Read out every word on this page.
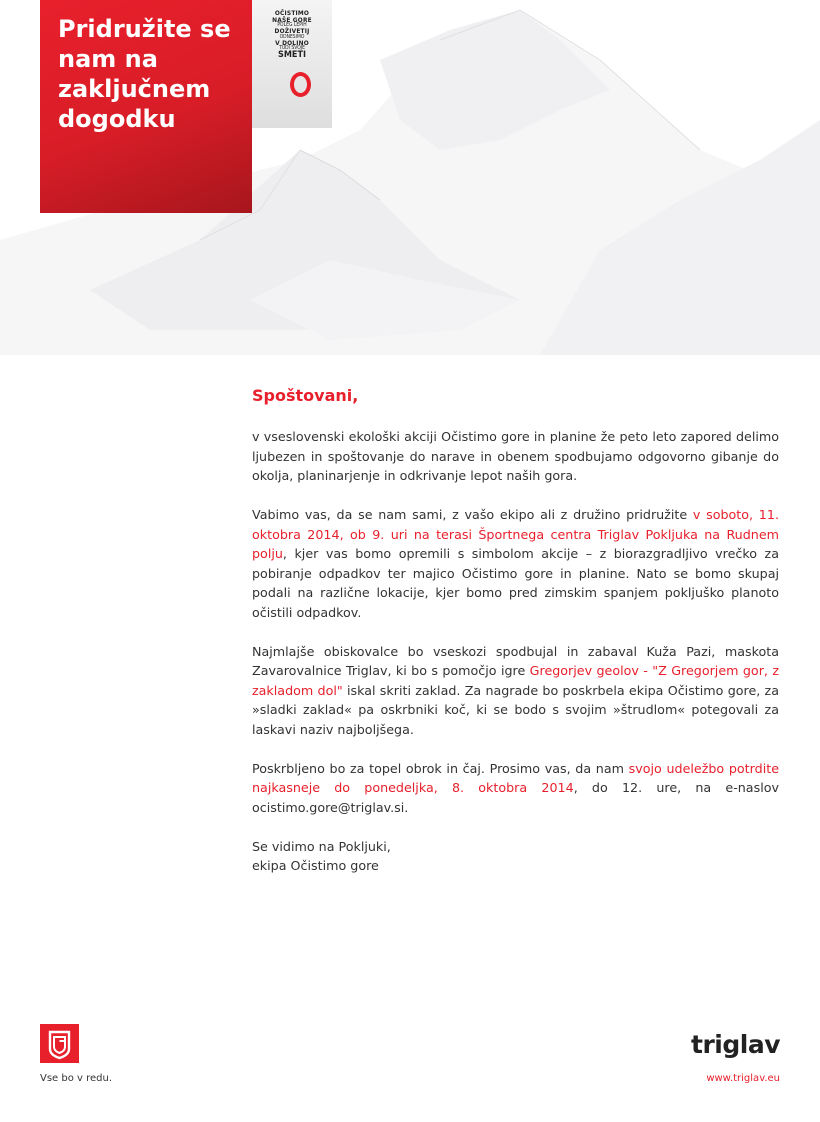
Pridružite se nam na zaključnem dogodku
OČISTIMO
NAŠE GORE
POLEG LEPIH
DOŽIVETIJ
ODNESIMO
V DOLINO
TUDI SVOJE
SMETI
Spoštovani,

v vseslovenski ekološki akciji Očistimo gore in planine že peto leto zapored delimo ljubezen in spoštovanje do narave in obenem spodbujamo odgovorno gibanje do okolja, planinarjenje in odkrivanje lepot naših gora.

Vabimo vas, da se nam sami, z vašo ekipo ali z družino pridružite v soboto, 11. oktobra 2014, ob 9. uri na terasi Športnega centra Triglav Pokljuka na Rudnem polju, kjer vas bomo opremili s simbolom akcije – z biorazgradljivo vrečko za pobiranje odpadkov ter majico Očistimo gore in planine. Nato se bomo skupaj podali na različne lokacije, kjer bomo pred zimskim spanjem pokljuško planoto očistili odpadkov.

Najmlajše obiskovalce bo vseskozi spodbujal in zabaval Kuža Pazi, maskota Zavarovalnice Triglav, ki bo s pomočjo igre Gregorjev geolov - "Z Gregorjem gor, z zakladom dol" iskal skriti zaklad. Za nagrade bo poskrbela ekipa Očistimo gore, za »sladki zaklad« pa oskrbniki koč, ki se bodo s svojim »štrudlom« potegovali za laskavi naziv najboljšega.

Poskrbljeno bo za topel obrok in čaj. Prosimo vas, da nam svojo udeležbo potrdite najkasneje do ponedeljka, 8. oktobra 2014, do 12. ure, na e-naslov ocistimo.gore@triglav.si.

Se vidimo na Pokljuki,
ekipa Očistimo gore

Vse bo v redu.
triglav
www.triglav.eu
